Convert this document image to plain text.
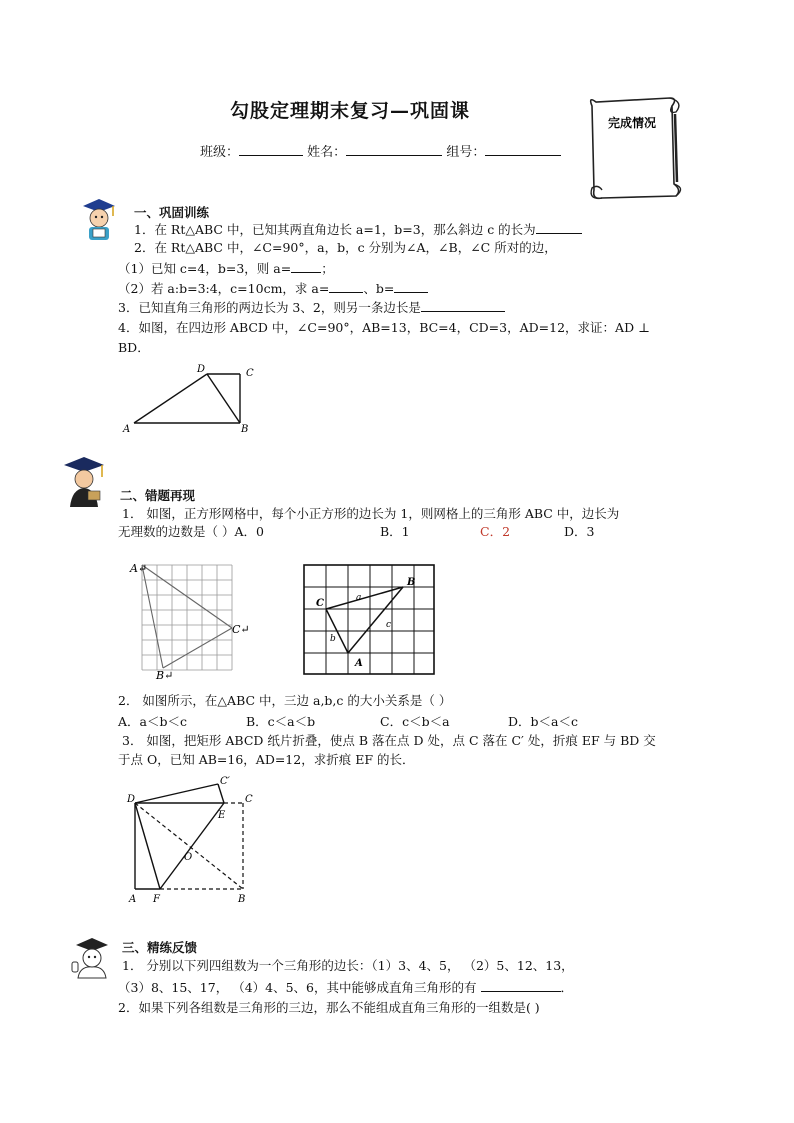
勾股定理期末复习—巩固课
班级：	姓名：	组号：
完成情况
一、巩固训练
1．在 Rt△ABC 中，已知其两直角边长 a=1，b=3，那么斜边 c 的长为
2．在 Rt△ABC 中，∠C=90°，a，b，c 分别为∠A，∠B，∠C 所对的边，
（1）已知 c=4，b=3，则 a= ；
（2）若 a:b=3:4，c=10cm，求 a=	、b=
3．已知直角三角形的两边长为 3、2，则另一条边长是
4．如图，在四边形 ABCD 中，∠C=90°，AB=13，BC=4，CD=3，AD=12，求证：AD ⊥
BD．
A	B
C
D
二、错题再现
1． 如图，正方形网格中，每个小正方形的边长为 1，则网格上的三角形 ABC 中，边长为
无理数的边数是（ ）A．0	B．1	C．2	D．3
A↵
B↵
C↵
C
B
A
a
b
c
2． 如图所示，在△ABC 中，三边 a,b,c 的大小关系是（ ）
A．a＜b＜c	B．c＜a＜b	C．c＜b＜a	D．b＜a＜c
3． 如图，把矩形 ABCD 纸片折叠，使点 B 落在点 D 处，点 C 落在 C′ 处，折痕 EF 与 BD 交
于点 O，已知 AB=16，AD=12，求折痕 EF 的长．
D	C
C′
E
O
A F	B
三、精练反馈
1． 分别以下列四组数为一个三角形的边长：（1）3、4、5， （2）5、12、13，
（3）8、15、17， （4）4、5、6，其中能够成直角三角形的有	．
2．如果下列各组数是三角形的三边，那么不能组成直角三角形的一组数是( )
